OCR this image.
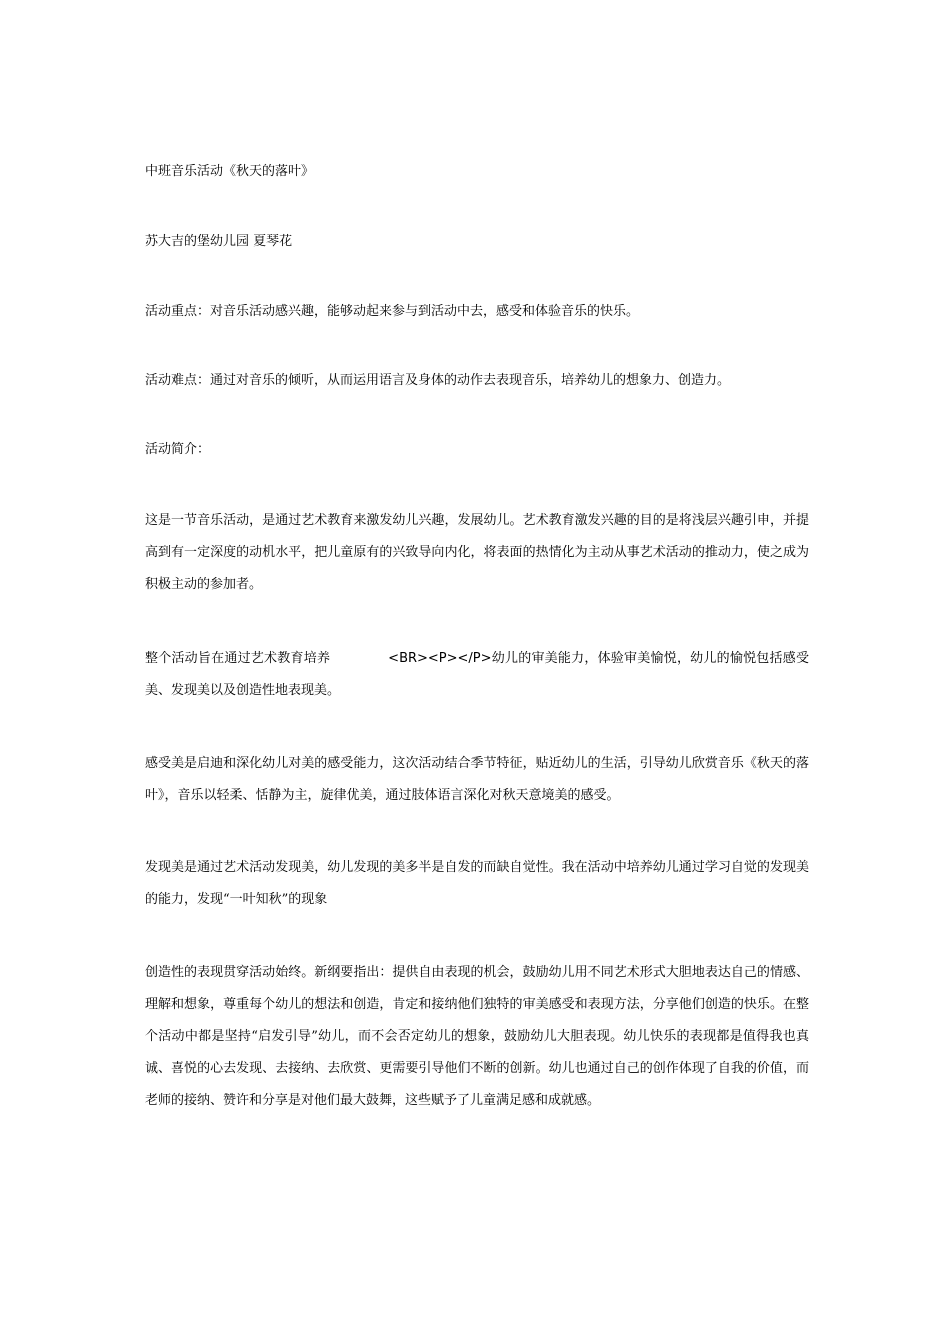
中班音乐活动《秋天的落叶》
苏大吉的堡幼儿园 夏琴花
活动重点：对音乐活动感兴趣，能够动起来参与到活动中去，感受和体验音乐的快乐。
活动难点：通过对音乐的倾听，从而运用语言及身体的动作去表现音乐，培养幼儿的想象力、创造力。
活动简介：
这是一节音乐活动，是通过艺术教育来激发幼儿兴趣，发展幼儿。艺术教育激发兴趣的目的是将浅层兴趣引申，并提高到有一定深度的动机水平，把儿童原有的兴致导向内化，将表面的热情化为主动从事艺术活动的推动力，使之成为积极主动的参加者。
整个活动旨在通过艺术教育培养	<BR><P></P>幼儿的审美能力，体验审美愉悦，幼儿的愉悦包括感受美、发现美以及创造性地表现美。
感受美是启迪和深化幼儿对美的感受能力，这次活动结合季节特征，贴近幼儿的生活，引导幼儿欣赏音乐《秋天的落叶》，音乐以轻柔、恬静为主，旋律优美，通过肢体语言深化对秋天意境美的感受。
发现美是通过艺术活动发现美，幼儿发现的美多半是自发的而缺自觉性。我在活动中培养幼儿通过学习自觉的发现美的能力，发现“一叶知秋”的现象
创造性的表现贯穿活动始终。新纲要指出：提供自由表现的机会，鼓励幼儿用不同艺术形式大胆地表达自己的情感、理解和想象，尊重每个幼儿的想法和创造，肯定和接纳他们独特的审美感受和表现方法，分享他们创造的快乐。在整个活动中都是坚持“启发引导”幼儿，而不会否定幼儿的想象，鼓励幼儿大胆表现。幼儿快乐的表现都是值得我也真诚、喜悦的心去发现、去接纳、去欣赏、更需要引导他们不断的创新。幼儿也通过自己的创作体现了自我的价值，而老师的接纳、赞许和分享是对他们最大鼓舞，这些赋予了儿童满足感和成就感。
